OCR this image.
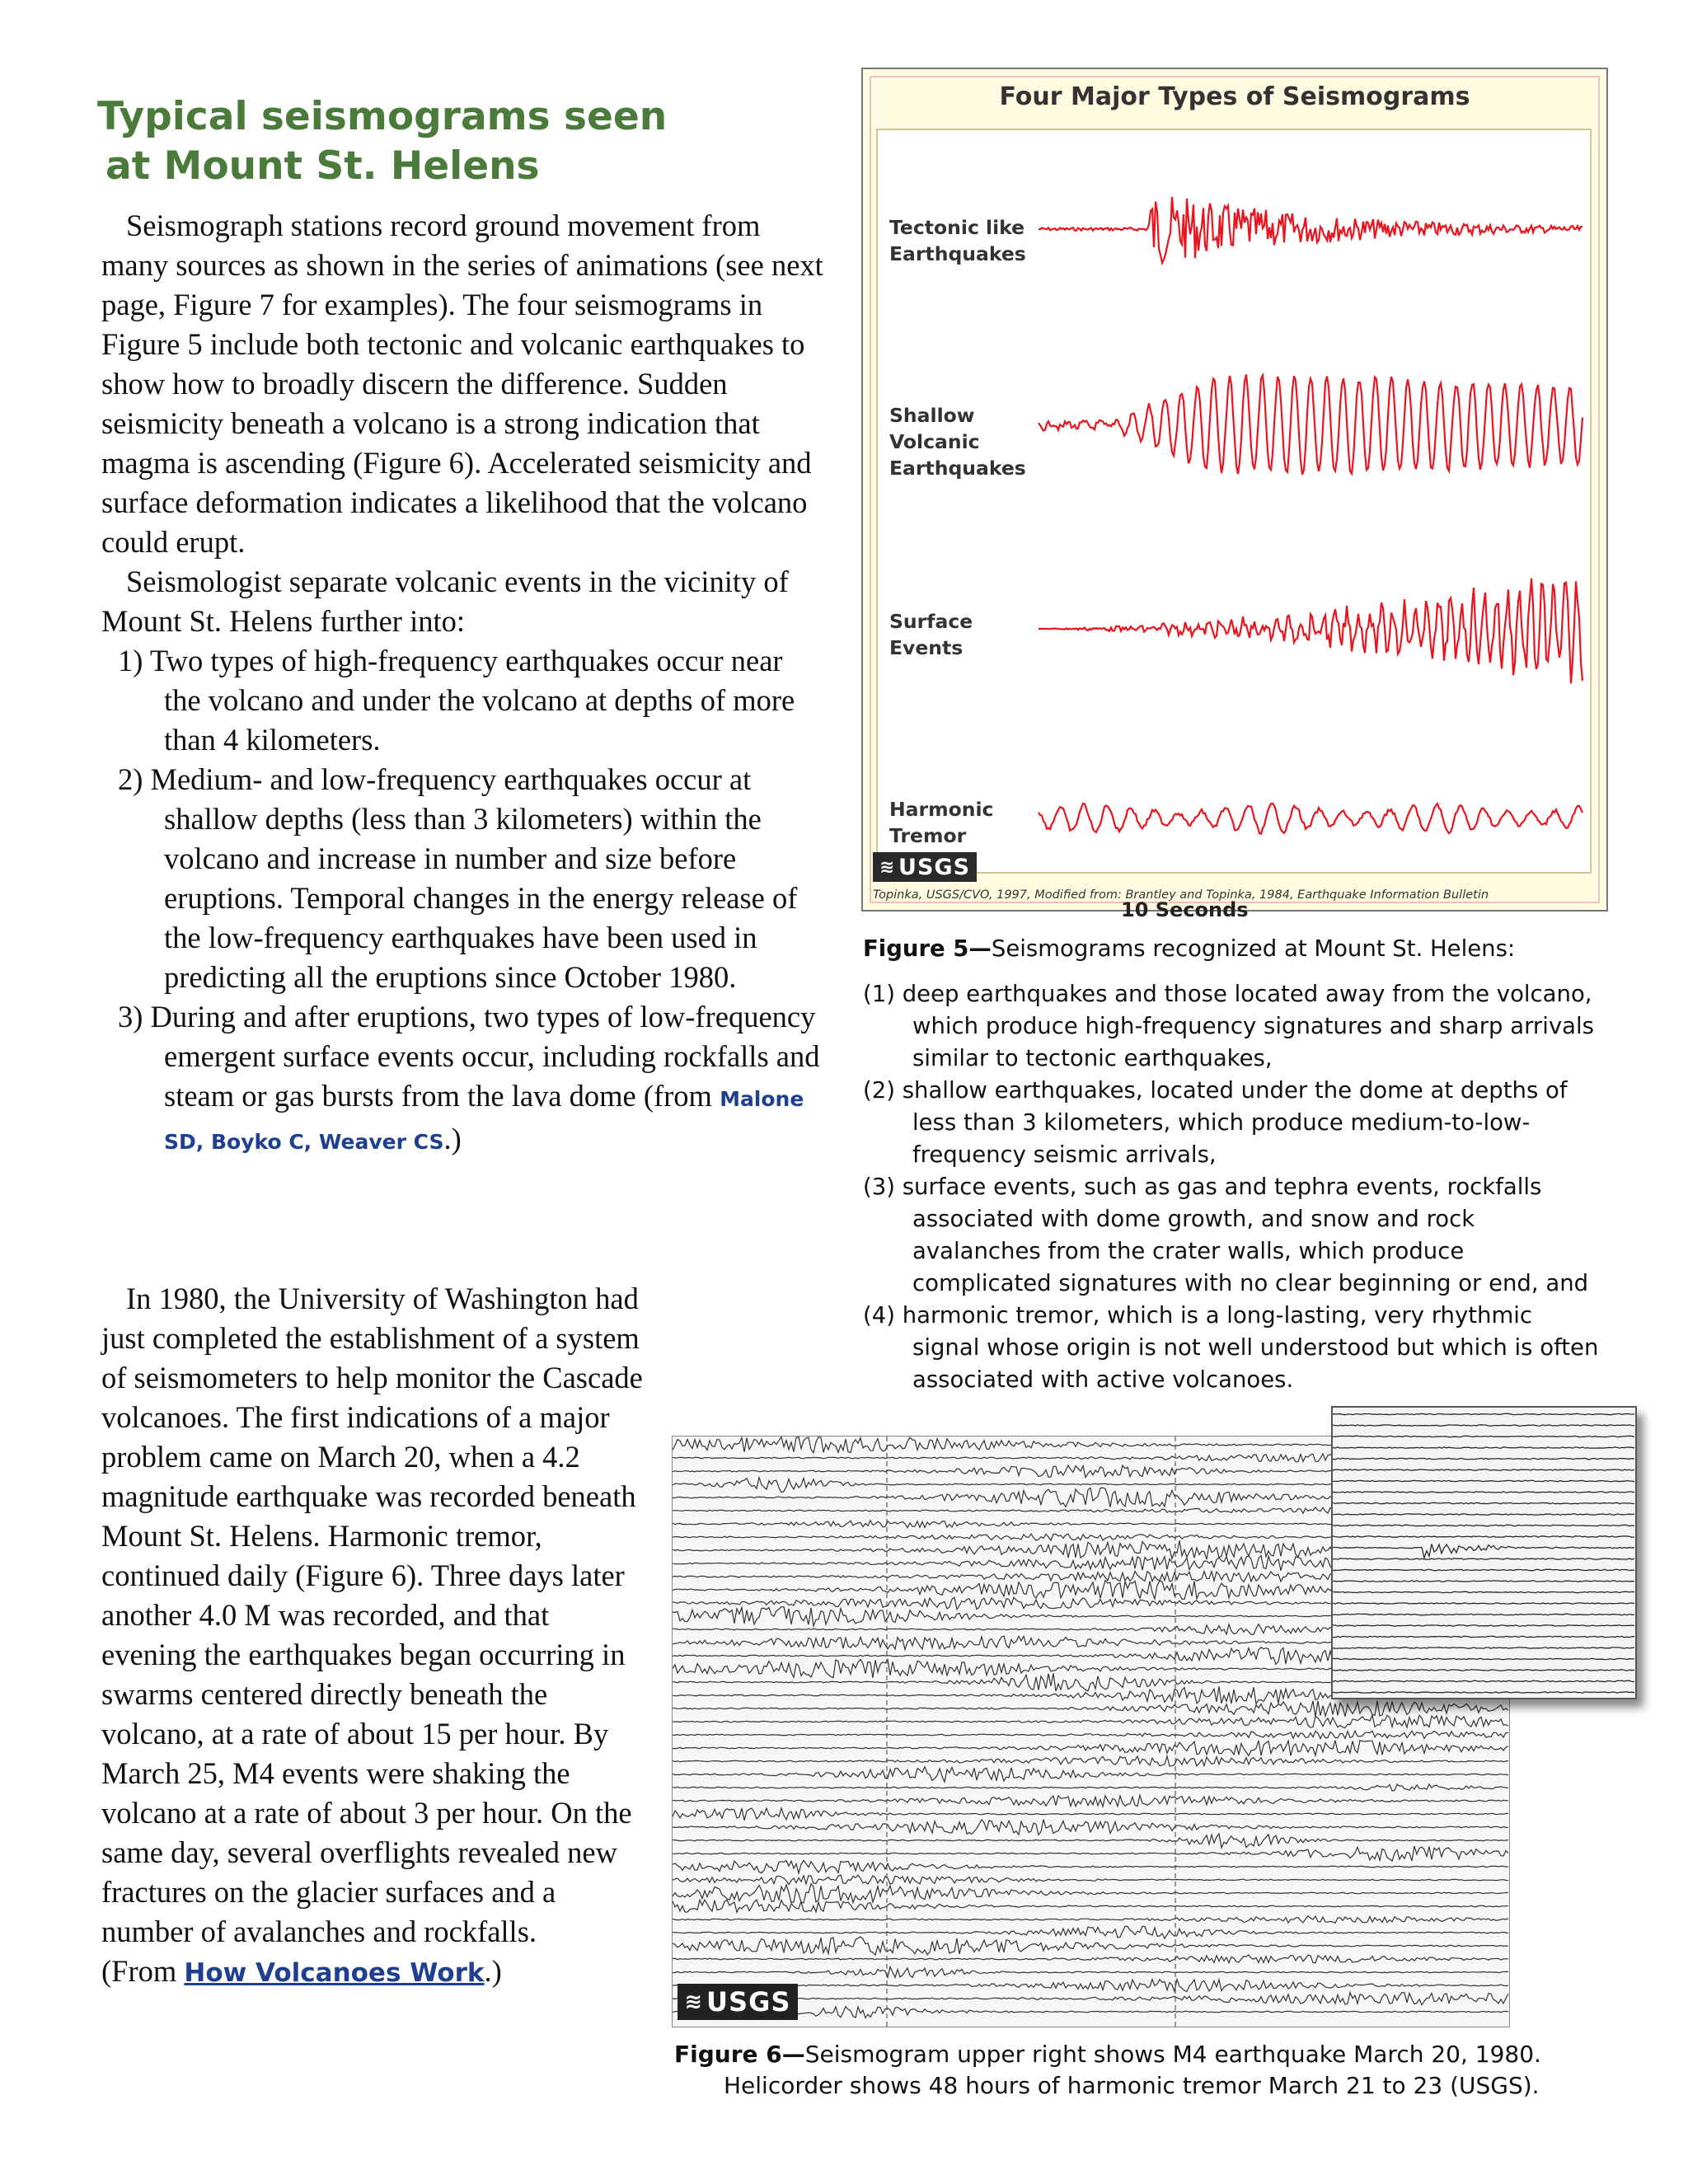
Typical seismograms seen
at Mount St. Helens

Seismograph stations record ground movement from many sources as shown in the series of animations (see next page, Figure 7 for examples). The four seismograms in Figure 5 include both tectonic and volcanic earthquakes to show how to broadly discern the difference. Sudden seismicity beneath a volcano is a strong indication that magma is ascending (Figure 6). Accelerated seismicity and surface deformation indicates a likelihood that the volcano could erupt.

Seismologist separate volcanic events in the vicinity of Mount St. Helens further into:

1) Two types of high-frequency earthquakes occur near the volcano and under the volcano at depths of more than 4 kilometers.

2) Medium- and low-frequency earthquakes occur at shallow depths (less than 3 kilometers) within the volcano and increase in number and size before eruptions. Temporal changes in the energy release of the low-frequency earthquakes have been used in predicting all the eruptions since October 1980.

3) During and after eruptions, two types of low-frequency emergent surface events occur, including rockfalls and steam or gas bursts from the lava dome (from Malone SD, Boyko C, Weaver CS.)

In 1980, the University of Washington had just completed the establishment of a system of seismometers to help monitor the Cascade volcanoes. The first indications of a major problem came on March 20, when a 4.2 magnitude earthquake was recorded beneath Mount St. Helens. Harmonic tremor, continued daily (Figure 6). Three days later another 4.0 M was recorded, and that evening the earthquakes began occurring in swarms centered directly beneath the volcano, at a rate of about 15 per hour. By March 25, M4 events were shaking the volcano at a rate of about 3 per hour. On the same day, several overflights revealed new fractures on the glacier surfaces and a number of avalanches and rockfalls.

(From How Volcanoes Work.)

Four Major Types of Seismograms
Tectonic like
Earthquakes
Shallow
Volcanic
Earthquakes
Surface
Events
Harmonic
Tremor
10 Seconds
≋ USGS
Topinka, USGS/CVO, 1997, Modified from: Brantley and Topinka, 1984, Earthquake Information Bulletin

Figure 5—Seismograms recognized at Mount St. Helens:

(1) deep earthquakes and those located away from the volcano, which produce high-frequency signatures and sharp arrivals similar to tectonic earthquakes,

(2) shallow earthquakes, located under the dome at depths of less than 3 kilometers, which produce medium-to-low-frequency seismic arrivals,

(3) surface events, such as gas and tephra events, rockfalls associated with dome growth, and snow and rock avalanches from the crater walls, which produce complicated signatures with no clear beginning or end, and

(4) harmonic tremor, which is a long-lasting, very rhythmic signal whose origin is not well understood but which is often associated with active volcanoes.

≋ USGS

Figure 6—Seismogram upper right shows M4 earthquake March 20, 1980.

Helicorder shows 48 hours of harmonic tremor March 21 to 23 (USGS).
